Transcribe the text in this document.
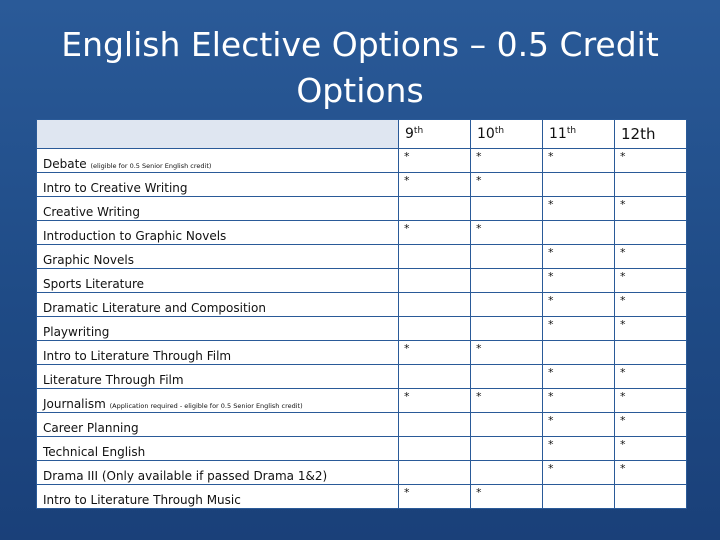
English Elective Options – 0.5 Credit Options
	9th	10th	11th	12th
Debate (eligible for 0.5 Senior English credit)	*	*	*	*
Intro to Creative Writing	*	*		
Creative Writing			*	*
Introduction to Graphic Novels	*	*		
Graphic Novels			*	*
Sports Literature			*	*
Dramatic Literature and Composition			*	*
Playwriting			*	*
Intro to Literature Through Film	*	*		
Literature Through Film			*	*
Journalism (Application required - eligible for 0.5 Senior English credit)	*	*	*	*
Career Planning			*	*
Technical English			*	*
Drama III (Only available if passed Drama 1&2)			*	*
Intro to Literature Through Music	*	*		
